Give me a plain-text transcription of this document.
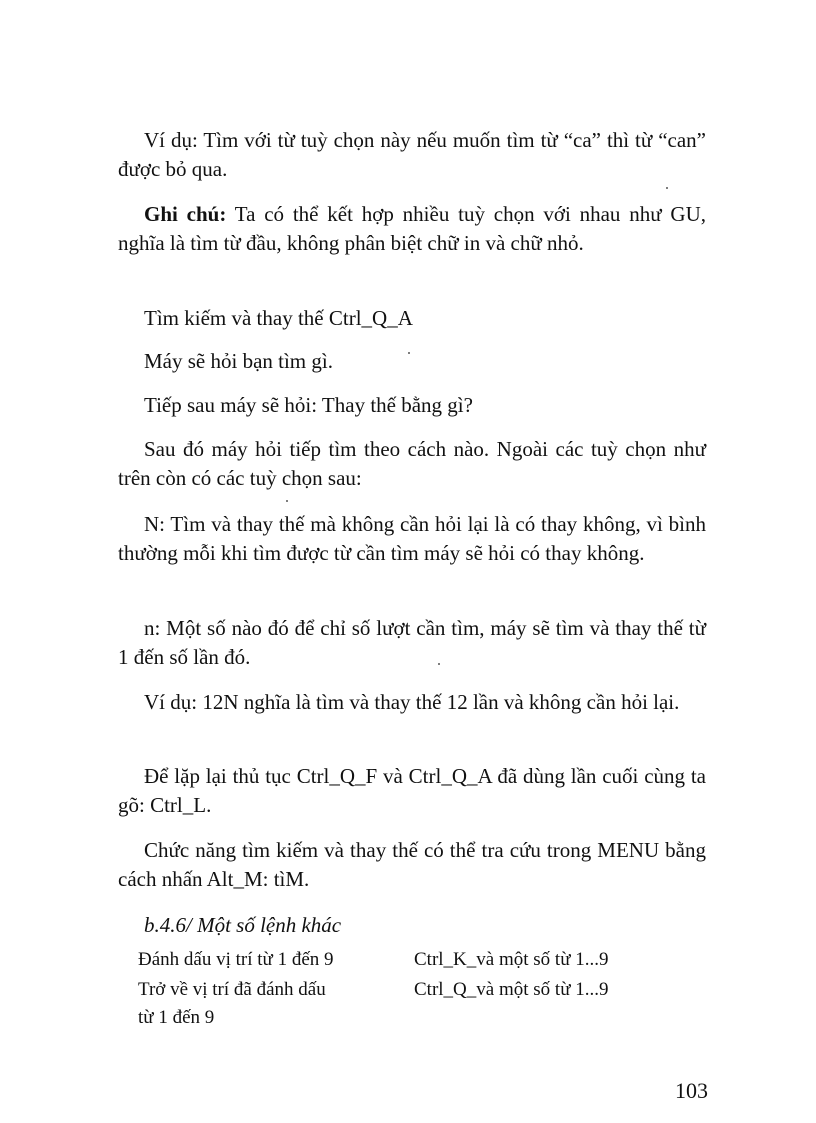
Ví dụ: Tìm với từ tuỳ chọn này nếu muốn tìm từ “ca” thì từ “can” được bỏ qua.

Ghi chú: Ta có thể kết hợp nhiều tuỳ chọn với nhau như GU, nghĩa là tìm từ đầu, không phân biệt chữ in và chữ nhỏ.

Tìm kiếm và thay thế Ctrl_Q_A

Máy sẽ hỏi bạn tìm gì.

Tiếp sau máy sẽ hỏi: Thay thế bằng gì?

Sau đó máy hỏi tiếp tìm theo cách nào. Ngoài các tuỳ chọn như trên còn có các tuỳ chọn sau:

N: Tìm và thay thế mà không cần hỏi lại là có thay không, vì bình thường mỗi khi tìm được từ cần tìm máy sẽ hỏi có thay không.

n: Một số nào đó để chỉ số lượt cần tìm, máy sẽ tìm và thay thế từ 1 đến số lần đó.

Ví dụ: 12N nghĩa là tìm và thay thế 12 lần và không cần hỏi lại.

Để lặp lại thủ tục Ctrl_Q_F và Ctrl_Q_A đã dùng lần cuối cùng ta gõ: Ctrl_L.

Chức năng tìm kiếm và thay thế có thể tra cứu trong MENU bằng cách nhấn Alt_M: tìM.

b.4.6/ Một số lệnh khác

Đánh dấu vị trí từ 1 đến 9	Ctrl_K_và một số từ 1...9
Trở về vị trí đã đánh dấu	Ctrl_Q_và một số từ 1...9
từ 1 đến 9
103
